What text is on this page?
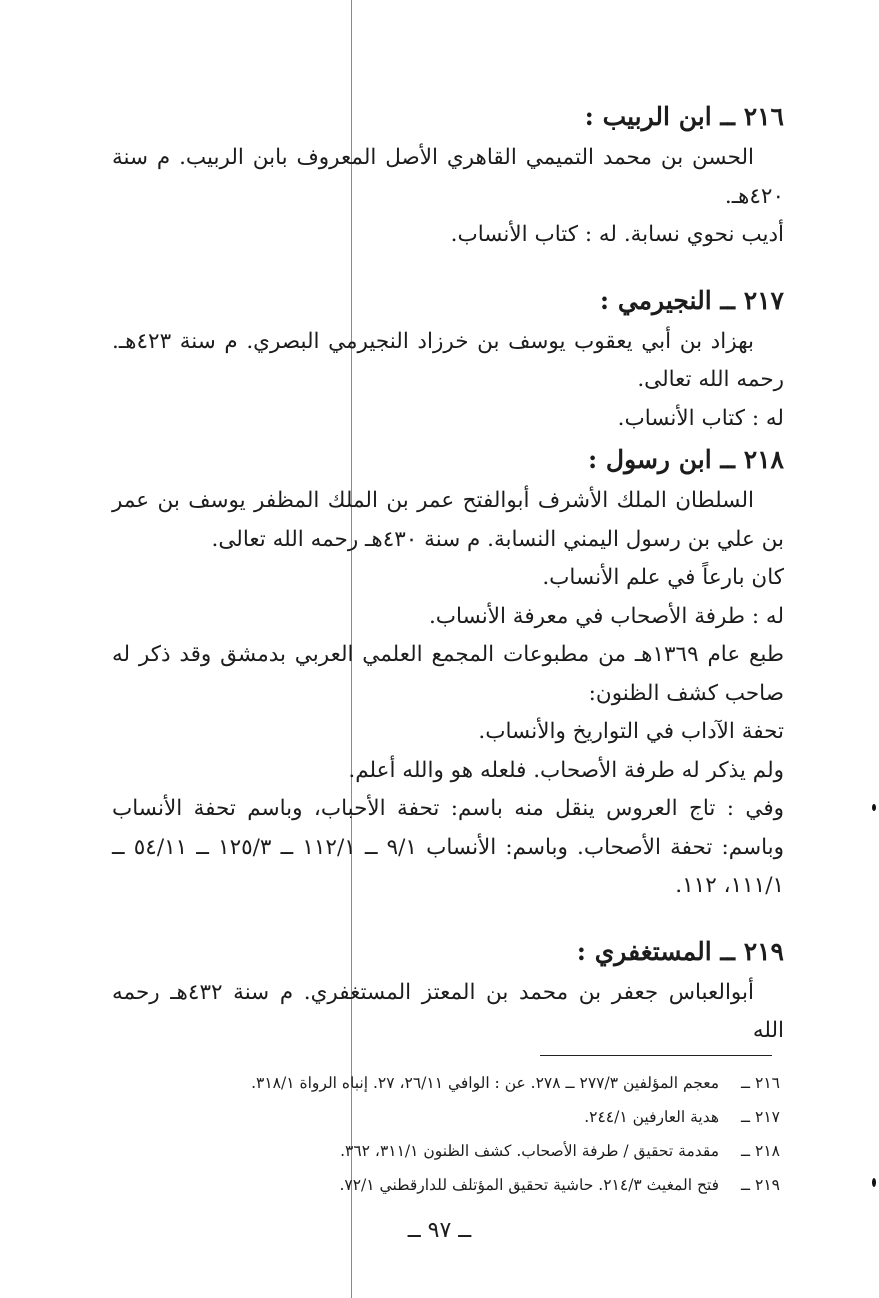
٢١٦ ــ ابن الربيب :

الحسن بن محمد التميمي القاهري الأصل المعروف بابن الربيب. م سنة ٤٢٠هـ.

أديب نحوي نسابة. له : كتاب الأنساب.

٢١٧ ــ النجيرمي :

بهزاد بن أبي يعقوب يوسف بن خرزاد النجيرمي البصري. م سنة ٤٢٣هـ. رحمه الله تعالى.

له : كتاب الأنساب.

٢١٨ ــ ابن رسول :

السلطان الملك الأشرف أبوالفتح عمر بن الملك المظفر يوسف بن عمر بن علي بن رسول اليمني النسابة. م سنة ٤٣٠هـ رحمه الله تعالى.

كان بارعاً في علم الأنساب.

له : طرفة الأصحاب في معرفة الأنساب.

طبع عام ١٣٦٩هـ من مطبوعات المجمع العلمي العربي بدمشق وقد ذكر له صاحب كشف الظنون:

تحفة الآداب في التواريخ والأنساب.

ولم يذكر له طرفة الأصحاب. فلعله هو والله أعلم.

وفي : تاج العروس ينقل منه باسم: تحفة الأحباب، وباسم تحفة الأنساب وباسم: تحفة الأصحاب. وباسم: الأنساب ٩/١ ــ ١١٢/١ ــ ١٢٥/٣ ــ ٥٤/١١ ــ ١١١/١، ١١٢.

٢١٩ ــ المستغفري :

أبوالعباس جعفر بن محمد بن المعتز المستغفري. م سنة ٤٣٢هـ رحمه الله

٢١٦ ــ معجم المؤلفين ٢٧٧/٣ ــ ٢٧٨. عن : الوافي ٢٦/١١، ٢٧. إنباه الرواة ٣١٨/١.

٢١٧ ــ هدية العارفين ٢٤٤/١.

٢١٨ ــ مقدمة تحقيق / طرفة الأصحاب. كشف الظنون ٣١١/١، ٣٦٢.

٢١٩ ــ فتح المغيث ٢١٤/٣. حاشية تحقيق المؤتلف للدارقطني ٧٢/١.

ــ ٩٧ ــ
